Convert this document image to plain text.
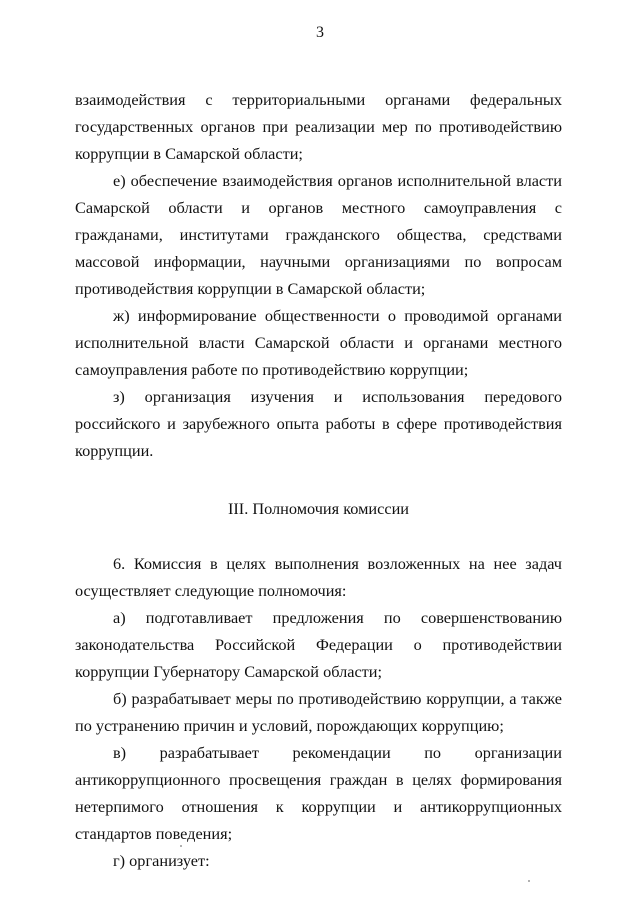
3

взаимодействия с территориальными органами федеральных государственных органов при реализации мер по противодействию коррупции в Самарской области;

е) обеспечение взаимодействия органов исполнительной власти Самарской области и органов местного самоуправления с гражданами, институтами гражданского общества, средствами массовой информации, научными организациями по вопросам противодействия коррупции в Самарской области;

ж) информирование общественности о проводимой органами исполнительной власти Самарской области и органами местного самоуправления работе по противодействию коррупции;

з) организация изучения и использования передового российского и зарубежного опыта работы в сфере противодействия коррупции.

III. Полномочия комиссии

6. Комиссия в целях выполнения возложенных на нее задач осуществляет следующие полномочия:

а) подготавливает предложения по совершенствованию законодательства Российской Федерации о противодействии коррупции Губернатору Самарской области;

б) разрабатывает меры по противодействию коррупции, а также по устранению причин и условий, порождающих коррупцию;

в) разрабатывает рекомендации по организации антикоррупционного просвещения граждан в целях формирования нетерпимого отношения к коррупции и антикоррупционных стандартов поведения;

г) организует:
